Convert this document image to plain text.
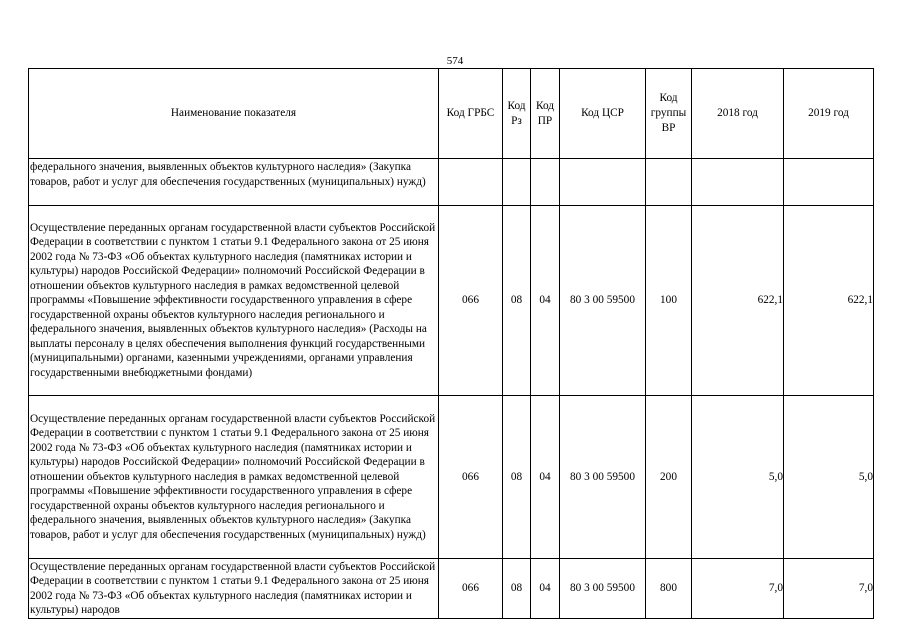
574
Наименование показателя	Код ГРБС	Код Рз	Код ПР	Код ЦСР	Код группы ВР	2018 год	2019 год
федерального значения, выявленных объектов культурного наследия» (Закупка товаров, работ и услуг для обеспечения государственных (муниципальных) нужд)							
Осуществление переданных органам государственной власти субъектов Российской Федерации в соответствии с пунктом 1 статьи 9.1 Федерального закона от 25 июня 2002 года № 73-ФЗ «Об объектах культурного наследия (памятниках истории и культуры) народов Российской Федерации» полномочий Российской Федерации в отношении объектов культурного наследия в рамках ведомственной целевой программы «Повышение эффективности государственного управления в сфере государственной охраны объектов культурного наследия регионального и федерального значения, выявленных объектов культурного наследия» (Расходы на выплаты персоналу в целях обеспечения выполнения функций государственными (муниципальными) органами, казенными учреждениями, органами управления государственными внебюджетными фондами)	066	08	04	80 3 00 59500	100	622,1	622,1
Осуществление переданных органам государственной власти субъектов Российской Федерации в соответствии с пунктом 1 статьи 9.1 Федерального закона от 25 июня 2002 года № 73-ФЗ «Об объектах культурного наследия (памятниках истории и культуры) народов Российской Федерации» полномочий Российской Федерации в отношении объектов культурного наследия в рамках ведомственной целевой программы «Повышение эффективности государственного управления в сфере государственной охраны объектов культурного наследия регионального и федерального значения, выявленных объектов культурного наследия» (Закупка товаров, работ и услуг для обеспечения государственных (муниципальных) нужд)	066	08	04	80 3 00 59500	200	5,0	5,0
Осуществление переданных органам государственной власти субъектов Российской Федерации в соответствии с пунктом 1 статьи 9.1 Федерального закона от 25 июня 2002 года № 73-ФЗ «Об объектах культурного наследия (памятниках истории и культуры) народов	066	08	04	80 3 00 59500	800	7,0	7,0
